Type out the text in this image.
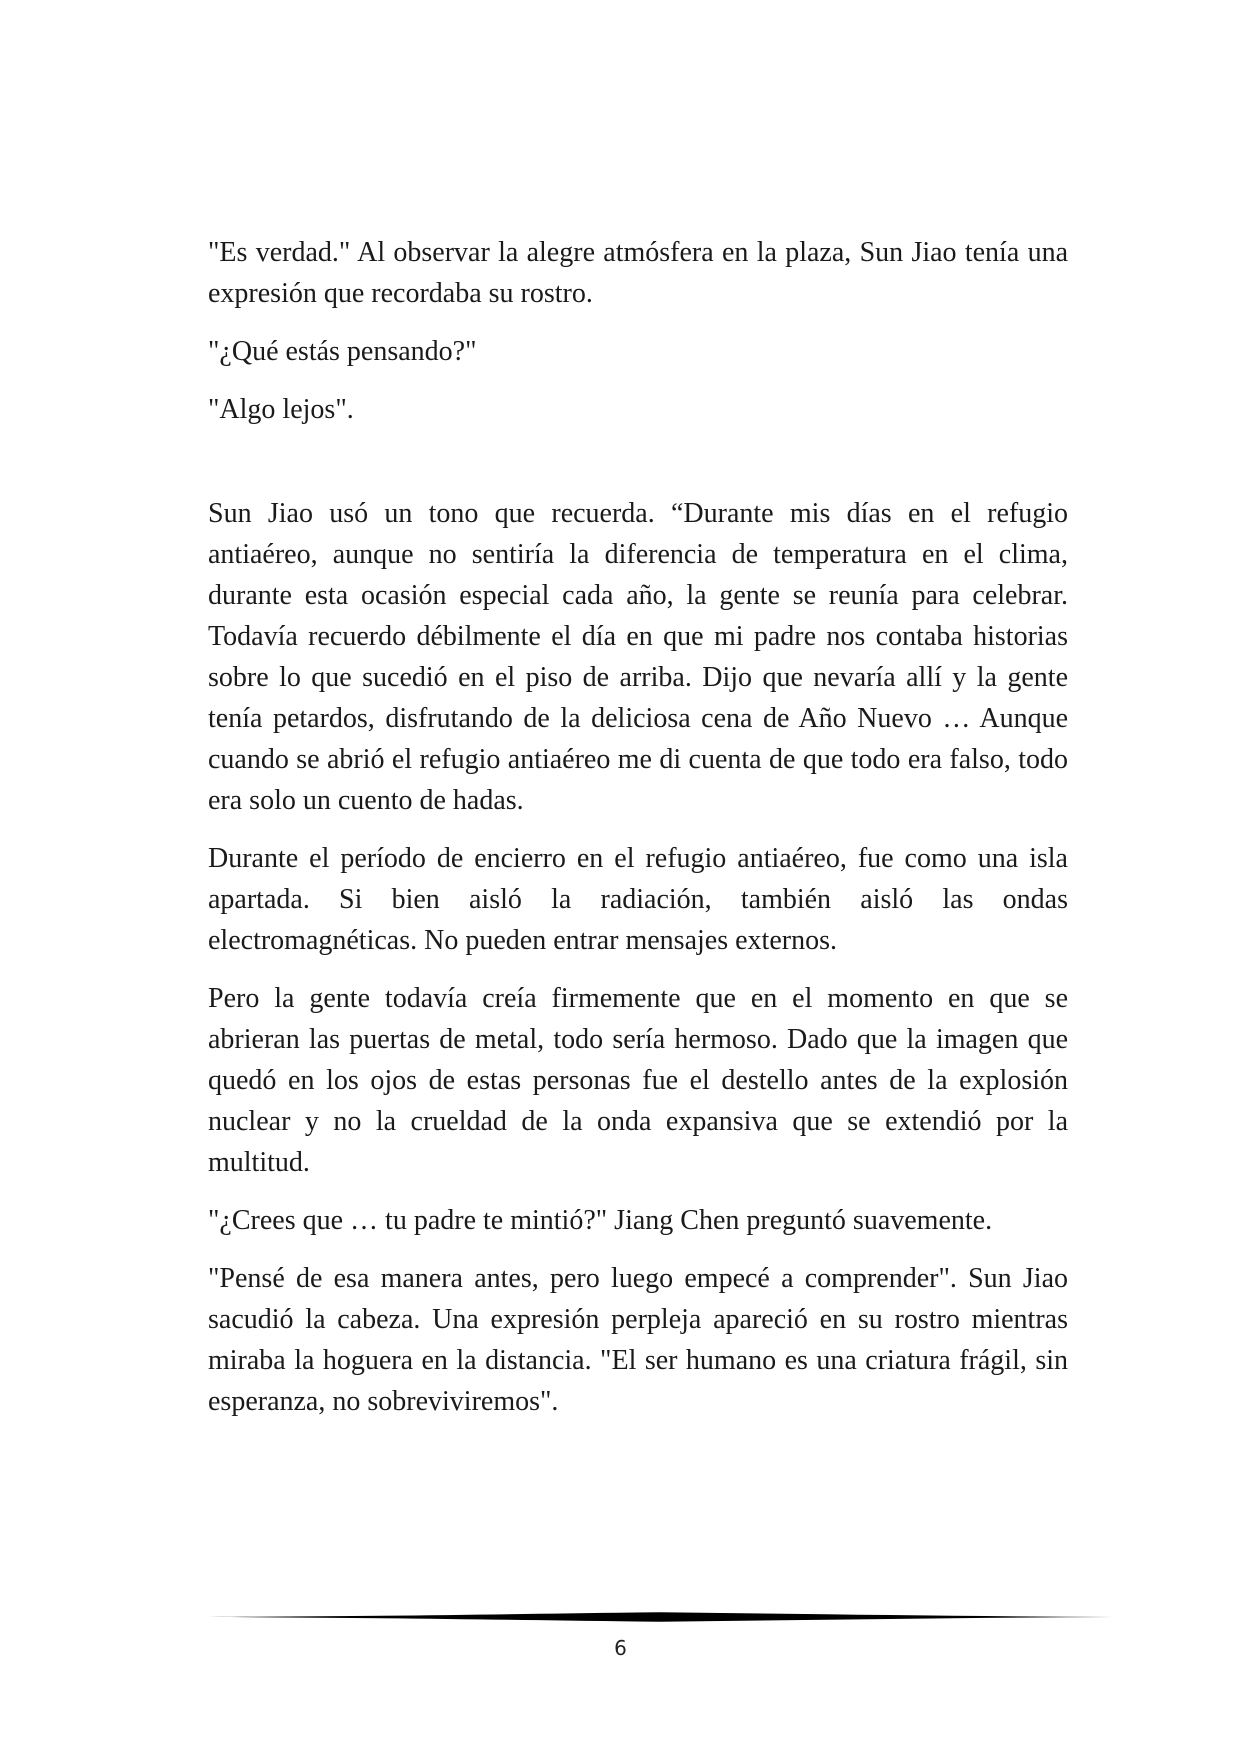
"Es verdad." Al observar la alegre atmósfera en la plaza, Sun Jiao tenía una expresión que recordaba su rostro.

"¿Qué estás pensando?"

"Algo lejos".

Sun Jiao usó un tono que recuerda. “Durante mis días en el refugio antiaéreo, aunque no sentiría la diferencia de temperatura en el clima, durante esta ocasión especial cada año, la gente se reunía para celebrar. Todavía recuerdo débilmente el día en que mi padre nos contaba historias sobre lo que sucedió en el piso de arriba. Dijo que nevaría allí y la gente tenía petardos, disfrutando de la deliciosa cena de Año Nuevo … Aunque cuando se abrió el refugio antiaéreo me di cuenta de que todo era falso, todo era solo un cuento de hadas.

Durante el período de encierro en el refugio antiaéreo, fue como una isla apartada. Si bien aisló la radiación, también aisló las ondas electromagnéticas. No pueden entrar mensajes externos.

Pero la gente todavía creía firmemente que en el momento en que se abrieran las puertas de metal, todo sería hermoso. Dado que la imagen que quedó en los ojos de estas personas fue el destello antes de la explosión nuclear y no la crueldad de la onda expansiva que se extendió por la multitud.

"¿Crees que … tu padre te mintió?" Jiang Chen preguntó suavemente.

"Pensé de esa manera antes, pero luego empecé a comprender". Sun Jiao sacudió la cabeza. Una expresión perpleja apareció en su rostro mientras miraba la hoguera en la distancia. "El ser humano es una criatura frágil, sin esperanza, no sobreviviremos".

6
